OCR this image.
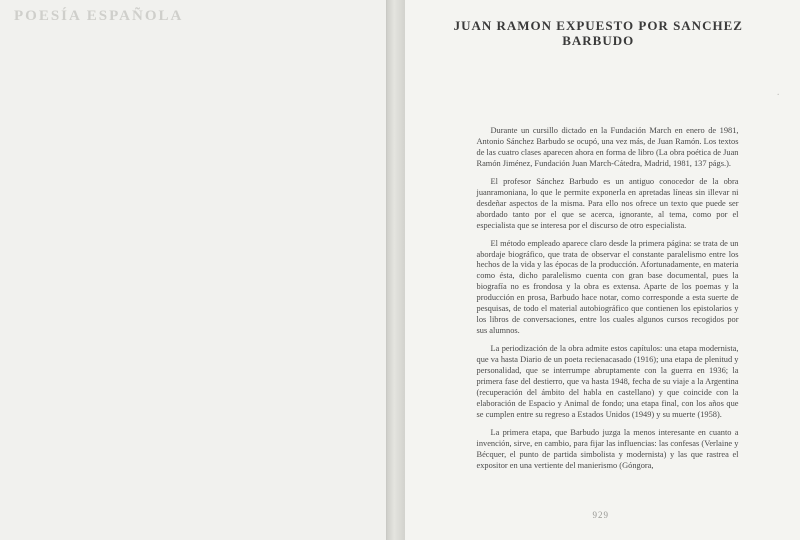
POESÍA ESPAÑOLA
JUAN RAMON EXPUESTO POR SANCHEZ
BARBUDO
·

Durante un cursillo dictado en la Fundación March en enero de 1981, Antonio Sánchez Barbudo se ocupó, una vez más, de Juan Ramón. Los textos de las cuatro clases aparecen ahora en forma de libro (La obra poética de Juan Ramón Jiménez, Fundación Juan March-Cátedra, Madrid, 1981, 137 págs.).

El profesor Sánchez Barbudo es un antiguo conocedor de la obra juanramoniana, lo que le permite exponerla en apretadas líneas sin illevar ni desdeñar aspectos de la misma. Para ello nos ofrece un texto que puede ser abordado tanto por el que se acerca, ignorante, al tema, como por el especialista que se interesa por el discurso de otro especialista.

El método empleado aparece claro desde la primera página: se trata de un abordaje biográfico, que trata de observar el constante paralelismo entre los hechos de la vida y las épocas de la producción. Afortunadamente, en materia como ésta, dicho paralelismo cuenta con gran base documental, pues la biografía no es frondosa y la obra es extensa. Aparte de los poemas y la producción en prosa, Barbudo hace notar, como corresponde a esta suerte de pesquisas, de todo el material autobiográfico que contienen los epistolarios y los libros de conversaciones, entre los cuales algunos cursos recogidos por sus alumnos.

La periodización de la obra admite estos capítulos: una etapa modernista, que va hasta Diario de un poeta recienacasado (1916); una etapa de plenitud y personalidad, que se interrumpe abruptamente con la guerra en 1936; la primera fase del destierro, que va hasta 1948, fecha de su viaje a la Argentina (recuperación del ámbito del habla en castellano) y que coincide con la elaboración de Espacio y Animal de fondo; una etapa final, con los años que se cumplen entre su regreso a Estados Unidos (1949) y su muerte (1958).

La primera etapa, que Barbudo juzga la menos interesante en cuanto a invención, sirve, en cambio, para fijar las influencias: las confesas (Verlaine y Bécquer, el punto de partida simbolista y modernista) y las que rastrea el expositor en una vertiente del manierismo (Góngora,

929
